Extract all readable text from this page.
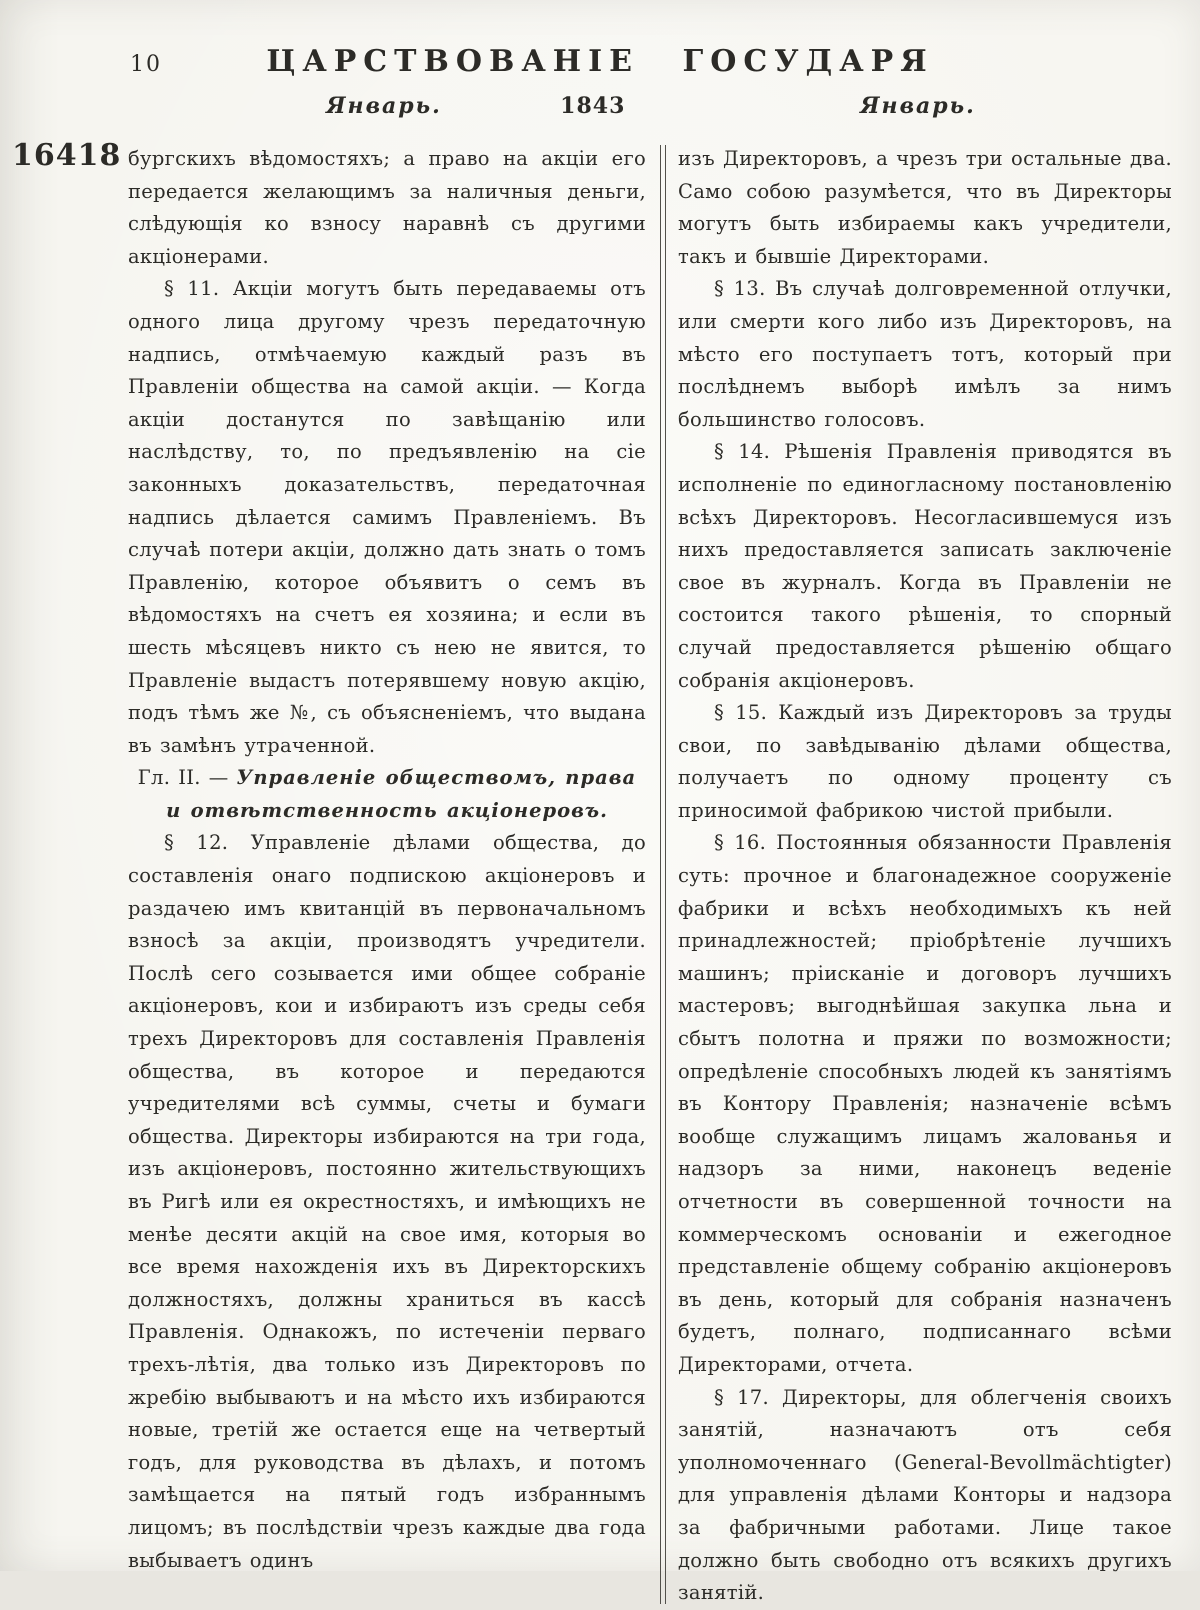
10	ЦАРСТВОВАНІЕ ГОСУДАРЯ
Январь.	1843	Январь.
16418 бургскихъ вѣдомостяхъ; а право на акціи его передается желающимъ за наличныя деньги, слѣдующія ко взносу наравнѣ съ другими акціонерами.

§ 11. Акціи могутъ быть передаваемы отъ одного лица другому чрезъ передаточную надпись, отмѣчаемую каждый разъ въ Правленіи общества на самой акціи. — Когда акціи достанутся по завѣщанію или наслѣдству, то, по предъявленію на сіе законныхъ доказательствъ, передаточная надпись дѣлается самимъ Правленіемъ. Въ случаѣ потери акціи, должно дать знать о томъ Правленію, которое объявитъ о семъ въ вѣдомостяхъ на счетъ ея хозяина; и если въ шесть мѣсяцевъ никто съ нею не явится, то Правленіе выдастъ потерявшему новую акцію, подъ тѣмъ же №, съ объясненіемъ, что выдана въ замѣнъ утраченной.

Гл. II. — Управленіе обществомъ, права и отвѣтственность акціонеровъ.

§ 12. Управленіе дѣлами общества, до составленія онаго подпискою акціонеровъ и раздачею имъ квитанцій въ первоначальномъ взносѣ за акціи, производятъ учредители. Послѣ сего созывается ими общее собраніе акціонеровъ, кои и избираютъ изъ среды себя трехъ Директоровъ для составленія Правленія общества, въ которое и передаются учредителями всѣ суммы, счеты и бумаги общества. Директоры избираются на три года, изъ акціонеровъ, постоянно жительствующихъ въ Ригѣ или ея окрестностяхъ, и имѣющихъ не менѣе десяти акцій на свое имя, которыя во все время нахожденія ихъ въ Директорскихъ должностяхъ, должны храниться въ кассѣ Правленія. Однакожъ, по истеченіи перваго трехъ-лѣтія, два только изъ Директоровъ по жребію выбываютъ и на мѣсто ихъ избираются новые, третій же остается еще на четвертый годъ, для руководства въ дѣлахъ, и потомъ замѣщается на пятый годъ избраннымъ лицомъ; въ послѣдствіи чрезъ каждые два года выбываетъ одинъ

изъ Директоровъ, а чрезъ три остальные два. Само собою разумѣется, что въ Директоры могутъ быть избираемы какъ учредители, такъ и бывшіе Директорами.

§ 13. Въ случаѣ долговременной отлучки, или смерти кого либо изъ Директоровъ, на мѣсто его поступаетъ тотъ, который при послѣднемъ выборѣ имѣлъ за нимъ большинство голосовъ.

§ 14. Рѣшенія Правленія приводятся въ исполненіе по единогласному постановленію всѣхъ Директоровъ. Несогласившемуся изъ нихъ предоставляется записать заключеніе свое въ журналъ. Когда въ Правленіи не состоится такого рѣшенія, то спорный случай предоставляется рѣшенію общаго собранія акціонеровъ.

§ 15. Каждый изъ Директоровъ за труды свои, по завѣдыванію дѣлами общества, получаетъ по одному проценту съ приносимой фабрикою чистой прибыли.

§ 16. Постоянныя обязанности Правленія суть: прочное и благонадежное сооруженіе фабрики и всѣхъ необходимыхъ къ ней принадлежностей; пріобрѣтеніе лучшихъ машинъ; пріисканіе и договоръ лучшихъ мастеровъ; выгоднѣйшая закупка льна и сбытъ полотна и пряжи по возможности; опредѣленіе способныхъ людей къ занятіямъ въ Контору Правленія; назначеніе всѣмъ вообще служащимъ лицамъ жалованья и надзоръ за ними, наконецъ веденіе отчетности въ совершенной точности на коммерческомъ основаніи и ежегодное представленіе общему собранію акціонеровъ въ день, который для собранія назначенъ будетъ, полнаго, подписаннаго всѣми Директорами, отчета.

§ 17. Директоры, для облегченія своихъ занятій, назначаютъ отъ себя уполномоченнаго (General-Bevollmächtigter) для управленія дѣлами Конторы и надзора за фабричными работами. Лице такое должно быть свободно отъ всякихъ другихъ занятій.
